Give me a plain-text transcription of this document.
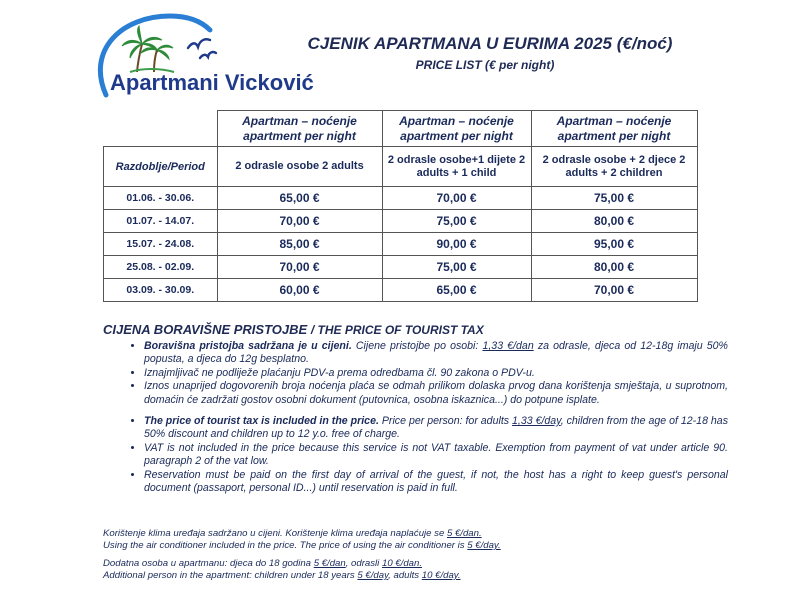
Apartmani Vicković
CJENIK APARTMANA U EURIMA 2025 (€/noć)
PRICE LIST (€ per night)
	Apartman – noćenje apartment per night	Apartman – noćenje apartment per night	Apartman – noćenje apartment per night
Razdoblje/Period	2 odrasle osobe 2 adults	2 odrasle osobe+1 dijete 2 adults + 1 child	2 odrasle osobe + 2 djece 2 adults + 2 children
01.06. - 30.06.	65,00 €	70,00 €	75,00 €
01.07. - 14.07.	70,00 €	75,00 €	80,00 €
15.07. - 24.08.	85,00 €	90,00 €	95,00 €
25.08. - 02.09.	70,00 €	75,00 €	80,00 €
03.09. - 30.09.	60,00 €	65,00 €	70,00 €
CIJENA BORAVIŠNE PRISTOJBE / THE PRICE OF TOURIST TAX
• Boravišna pristojba sadržana je u cijeni. Cijene pristojbe po osobi: 1,33 €/dan za odrasle, djeca od 12-18g imaju 50% popusta, a djeca do 12g besplatno.
• Iznajmljivač ne podliježe plaćanju PDV-a prema odredbama čl. 90 zakona o PDV-u.
• Iznos unaprijed dogovorenih broja noćenja plaća se odmah prilikom dolaska prvog dana korištenja smještaja, u suprotnom, domaćin će zadržati gostov osobni dokument (putovnica, osobna iskaznica...) do potpune isplate.
• The price of tourist tax is included in the price. Price per person: for adults 1,33 €/day, children from the age of 12-18 has 50% discount and children up to 12 y.o. free of charge.
• VAT is not included in the price because this service is not VAT taxable. Exemption from payment of vat under article 90. paragraph 2 of the vat low.
• Reservation must be paid on the first day of arrival of the guest, if not, the host has a right to keep guest's personal document (passaport, personal ID...) until reservation is paid in full.
Korištenje klima uređaja sadržano u cijeni. Korištenje klima uređaja naplaćuje se 5 €/dan.
Using the air conditioner included in the price. The price of using the air conditioner is 5 €/day.
Dodatna osoba u apartmanu: djeca do 18 godina 5 €/dan, odrasli 10 €/dan.
Additional person in the apartment: children under 18 years 5 €/day, adults 10 €/day.
